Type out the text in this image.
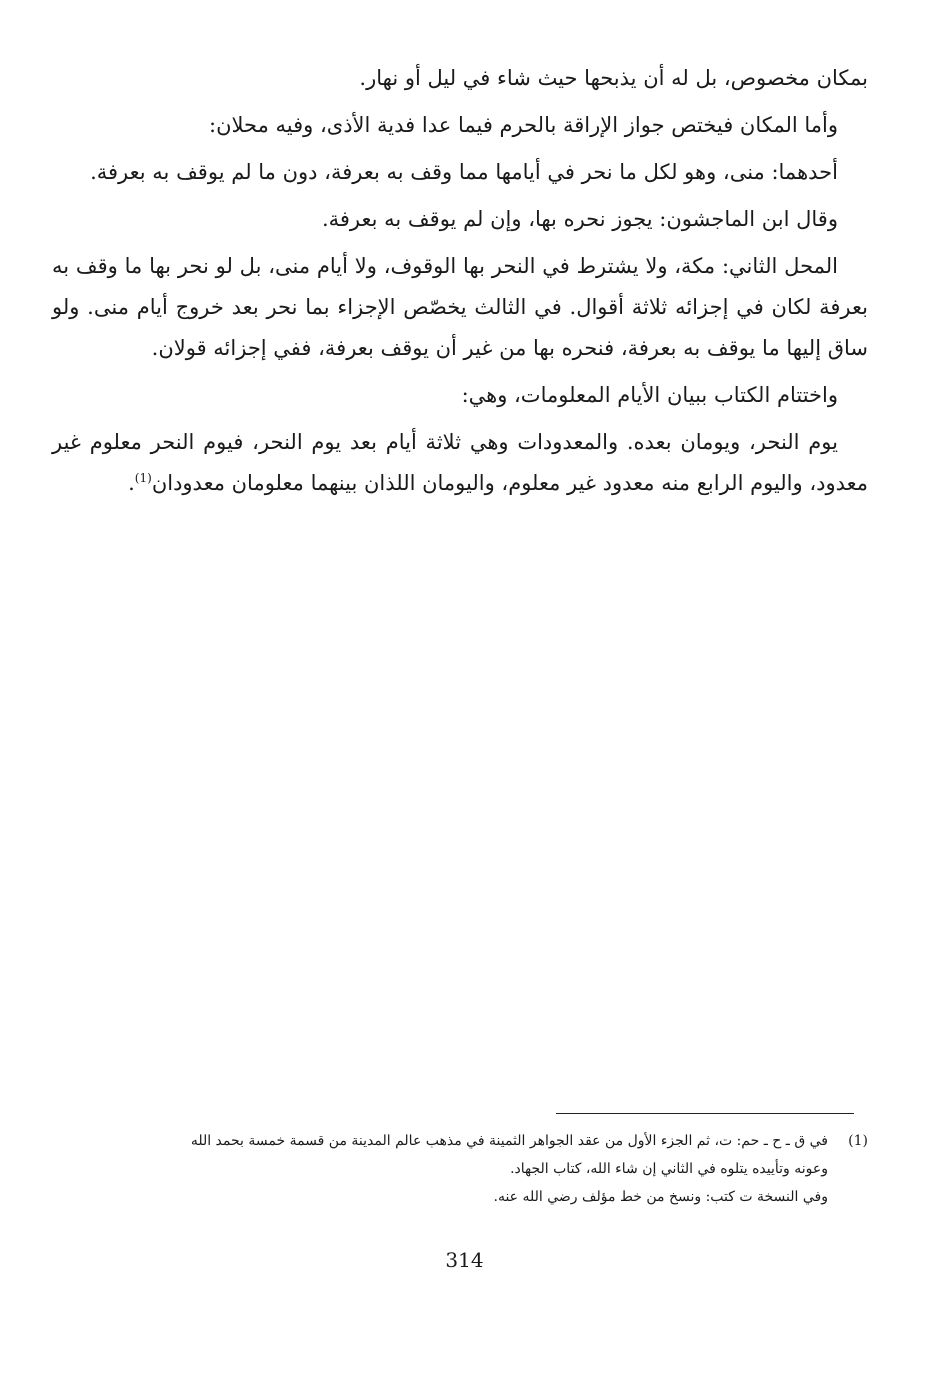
بمكان مخصوص، بل له أن يذبحها حيث شاء في ليل أو نهار.

وأما المكان فيختص جواز الإراقة بالحرم فيما عدا فدية الأذى، وفيه محلان:

أحدهما: منى، وهو لكل ما نحر في أيامها مما وقف به بعرفة، دون ما لم يوقف به بعرفة.

وقال ابن الماجشون: يجوز نحره بها، وإن لم يوقف به بعرفة.

المحل الثاني: مكة، ولا يشترط في النحر بها الوقوف، ولا أيام منى، بل لو نحر بها ما وقف به بعرفة لكان في إجزائه ثلاثة أقوال. في الثالث يخصّص الإجزاء بما نحر بعد خروج أيام منى. ولو ساق إليها ما يوقف به بعرفة، فنحره بها من غير أن يوقف بعرفة، ففي إجزائه قولان.

واختتام الكتاب ببيان الأيام المعلومات، وهي:

يوم النحر، ويومان بعده. والمعدودات وهي ثلاثة أيام بعد يوم النحر، فيوم النحر معلوم غير معدود، واليوم الرابع منه معدود غير معلوم، واليومان اللذان بينهما معلومان معدودان$^{(1)}$.

(1)
في ق ـ ح ـ حم: ت، ثم الجزء الأول من عقد الجواهر الثمينة في مذهب عالم المدينة من قسمة خمسة بحمد الله

وعونه وتأييده يتلوه في الثاني إن شاء الله، كتاب الجهاد.

وفي النسخة ت كتب: ونسخ من خط مؤلف رضي الله عنه.

314
